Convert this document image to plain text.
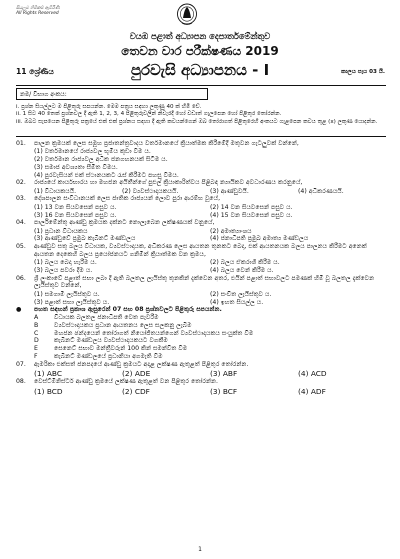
සියලුම හිමිකම් ඇවිරිණි
All Rights Reserved
වයඹ පළාත් අධ්‍යාපන දෙපාර්තමේන්තුව
තෙවන වාර පරීක්ෂණය 2019
11 ශ්‍රේණිය	පුරවැසි අධ්‍යාපනය - I	කාලය පැය 03 යි.
නම/ විභාග අංකය:
i. ප්‍රශ්න සියල්ලට ම පිළිතුරු සපයන්න. මෙම පත්‍රය සඳහා ලකුණු 40 ක් හිමි වේ.
ii. 1 සිට 40 තෙක් ප්‍රශ්නවල දී ඇති 1, 2, 3, 4 පිළිතුරුවලින් නිවැරදි හෝ වඩාත් ගැලපෙන හෝ පිළිතුර තෝරන්න.
iii. ඔබට සැපයෙන පිළිතුරු පත්‍රයේ එක් එක් ප්‍රශ්නය සඳහා දී ඇති කවයන්ගෙන් ඔබ තෝරාගත් පිළිතුරෙහි අංකයට ගැළපෙන කවය තුළ (x) ලකුණ යොදන්න.
01.	පාලන ක්‍රමයක් ලෙස සමූහ ප්‍රජාතන්ත්‍රවාදය වර්තමානයේ ක්‍රියාත්මක කිරීමේදී මතුවන ගැටලුවක් වන්නේ,
(1) වර්තමානයේ රාජ්‍යවල භූමිය කුඩා වීම ය.
(2) වර්තමාන රාජ්‍යවල අධික ජනගහනයක් සිටීම ය.
(3) සමාජ අවශ්‍යතා සීමිත වීමය.
(4) පුරවැසියන් එක් ස්ථානයකට රැස් කිරීමට පහසු වීමය.
02.	රාජ්‍යයේ කාර්යභාරය හා මහජන අයිතීන්ගේ පුළුල් ක්‍රියාකාරිත්වය පිළිබඳ න්‍යායිකව අවධාරණය කරනුයේ,
(1) විධායකයයි.	(2) ව්‍යවස්ථාදායකයයි.	(3) ආණ්ඩුවයි.	(4) අධිකරණයයි.
03.	දේශපාලන සංවිධානයක් ලෙස ජාතික රාජ්‍යයන් ලොව පුරා ආරම්භ වූයේ,
(1) 13 වන සියවසෙන් පසුව ය.	(2) 14 වන සියවසෙන් පසුව ය.
(3) 16 වන සියවසෙන් පසුව ය.	(4) 15 වන සියවසෙන් පසුව ය.
04.	පාර්ලිමේන්තු ආණ්ඩු ක්‍රමයක දක්නට නොලැබෙන ලක්ෂණයක් වනුයේ,
(1) ප්‍රධාන විධායකය	(2) අමාත්‍යාංශය
(3) ආණ්ඩුවේ ප්‍රමුඛ කැබිනට් මණ්ඩලය	(4) ජනාධිපති ප්‍රමුඛ අමාත්‍ය මණ්ඩලය
05.	ආණ්ඩුව සතු බලය විධායක, ව්‍යවස්ථාදායක, අධිකරණ ලෙස ආයතන තුනකට බෙදා, එක් ආයතනයක බලය පාලනය කිරීමට අනෙක් ආයතන දෙකෙහි බලය ප්‍රයෝජනයට ගනිමින් ක්‍රියාත්මක වන ක්‍රමය,
(1) බලය බෙදා හැරීම ය.	(2) බලය ඒකරාශී කිරීම ය.
(3) බලය පවරා දීම ය.	(4) බලය වෙන් කිරීම ය.
06.	ශ්‍රී ලංකාවේ පළාත් සභා ලබා දී ඇති බලතල ලැයිස්තු තුනකින් දැක්වෙන අතර, එයින් පළාත් සභාවලට පමණක් හිමි වූ බලතල දැක්වෙන ලැයිස්තුව වන්නේ,
(1) සමගාමී ලැයිස්තුව ය.	(2) සංචිත ලැයිස්තුව ය.
(3) පළාත් සභා ලැයිස්තුව ය.	(4) ඉහත සියල්ල ය.
●	පහත සඳහන් ප්‍රකාශ ඇසුරෙන් 07 සහ 08 ප්‍රශ්නවලට පිළිතුරු සපයන්න.
A	විධායක බලතල ජනාධිපති වෙත පැවරීම
B	ව්‍යවස්ථාදායකය ප්‍රධාන ආයතනය ලෙස සලකනු ලැබීම
C	මහජන ඡන්දයෙන් තෝරාගත් නියෝජිතයන්ගෙන් ව්‍යවස්ථාදායකය සංයුක්ත වීම
D	කැබිනට් මණ්ඩලය ව්‍යවස්ථාදායකයට වගකීම
E	සෙනෙට් සභාව මන්ත්‍රීවරුන් 100 කින් සමන්විත වීම
F	කැබිනට් මණ්ඩලයේ ප්‍රධානියා අගමැති වීම
07.	ඇමරිකා එක්සත් ජනපදයේ ආණ්ඩු ක්‍රමයට අදාළ ලක්ෂණ ඇතුළත් පිළිතුර තෝරන්න.
(1) ABC	(2) ADE	(3) ABF	(4) ACD
08.	වෙස්ට්මිනිස්ටර් ආණ්ඩු ක්‍රමයේ ලක්ෂණ ඇතුළත් වන පිළිතුර තෝරන්න.
(1) BCD	(2) CDF	(3) BCF	(4) ADF
1
